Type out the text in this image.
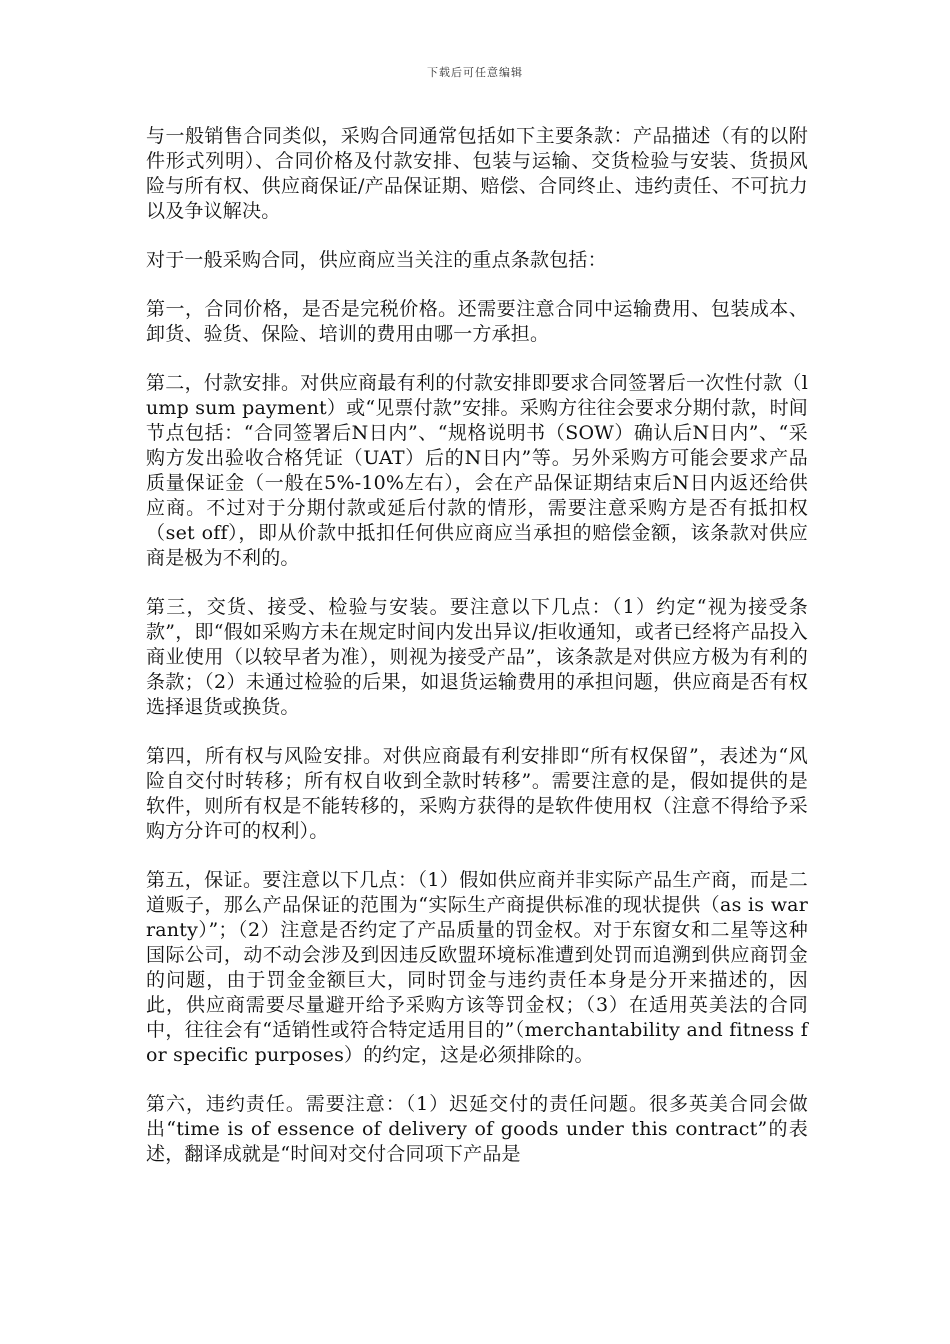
下载后可任意编辑

与一般销售合同类似，采购合同通常包括如下主要条款：产品描述（有的以附件形式列明）、合同价格及付款安排、包装与运输、交货检验与安装、货损风险与所有权、供应商保证/产品保证期、赔偿、合同终止、违约责任、不可抗力以及争议解决。

对于一般采购合同，供应商应当关注的重点条款包括：

第一，合同价格，是否是完税价格。还需要注意合同中运输费用、包装成本、卸货、验货、保险、培训的费用由哪一方承担。

第二，付款安排。对供应商最有利的付款安排即要求合同签署后一次性付款（lump sum payment）或“见票付款”安排。采购方往往会要求分期付款，时间节点包括：“合同签署后N日内”、“规格说明书（SOW）确认后N日内”、“采购方发出验收合格凭证（UAT）后的N日内”等。另外采购方可能会要求产品质量保证金（一般在5%-10%左右），会在产品保证期结束后N日内返还给供应商。不过对于分期付款或延后付款的情形，需要注意采购方是否有抵扣权（set off），即从价款中抵扣任何供应商应当承担的赔偿金额，该条款对供应商是极为不利的。

第三，交货、接受、检验与安装。要注意以下几点：（1）约定“视为接受条款”，即“假如采购方未在规定时间内发出异议/拒收通知，或者已经将产品投入商业使用（以较早者为准），则视为接受产品”，该条款是对供应方极为有利的条款；（2）未通过检验的后果，如退货运输费用的承担问题，供应商是否有权选择退货或换货。

第四，所有权与风险安排。对供应商最有利安排即“所有权保留”，表述为“风险自交付时转移；所有权自收到全款时转移”。需要注意的是，假如提供的是软件，则所有权是不能转移的，采购方获得的是软件使用权（注意不得给予采购方分许可的权利）。

第五，保证。要注意以下几点：（1）假如供应商并非实际产品生产商，而是二道贩子，那么产品保证的范围为“实际生产商提供标准的现状提供（as is warranty）”；（2）注意是否约定了产品质量的罚金权。对于东窗女和二星等这种国际公司，动不动会涉及到因违反欧盟环境标准遭到处罚而追溯到供应商罚金的问题，由于罚金金额巨大，同时罚金与违约责任本身是分开来描述的，因此，供应商需要尽量避开给予采购方该等罚金权；（3）在适用英美法的合同中，往往会有“适销性或符合特定适用目的”（merchantability and fitness for specific purposes）的约定，这是必须排除的。

第六，违约责任。需要注意：（1）迟延交付的责任问题。很多英美合同会做出“time is of essence of delivery of goods under this contract”的表述，翻译成就是“时间对交付合同项下产品是
